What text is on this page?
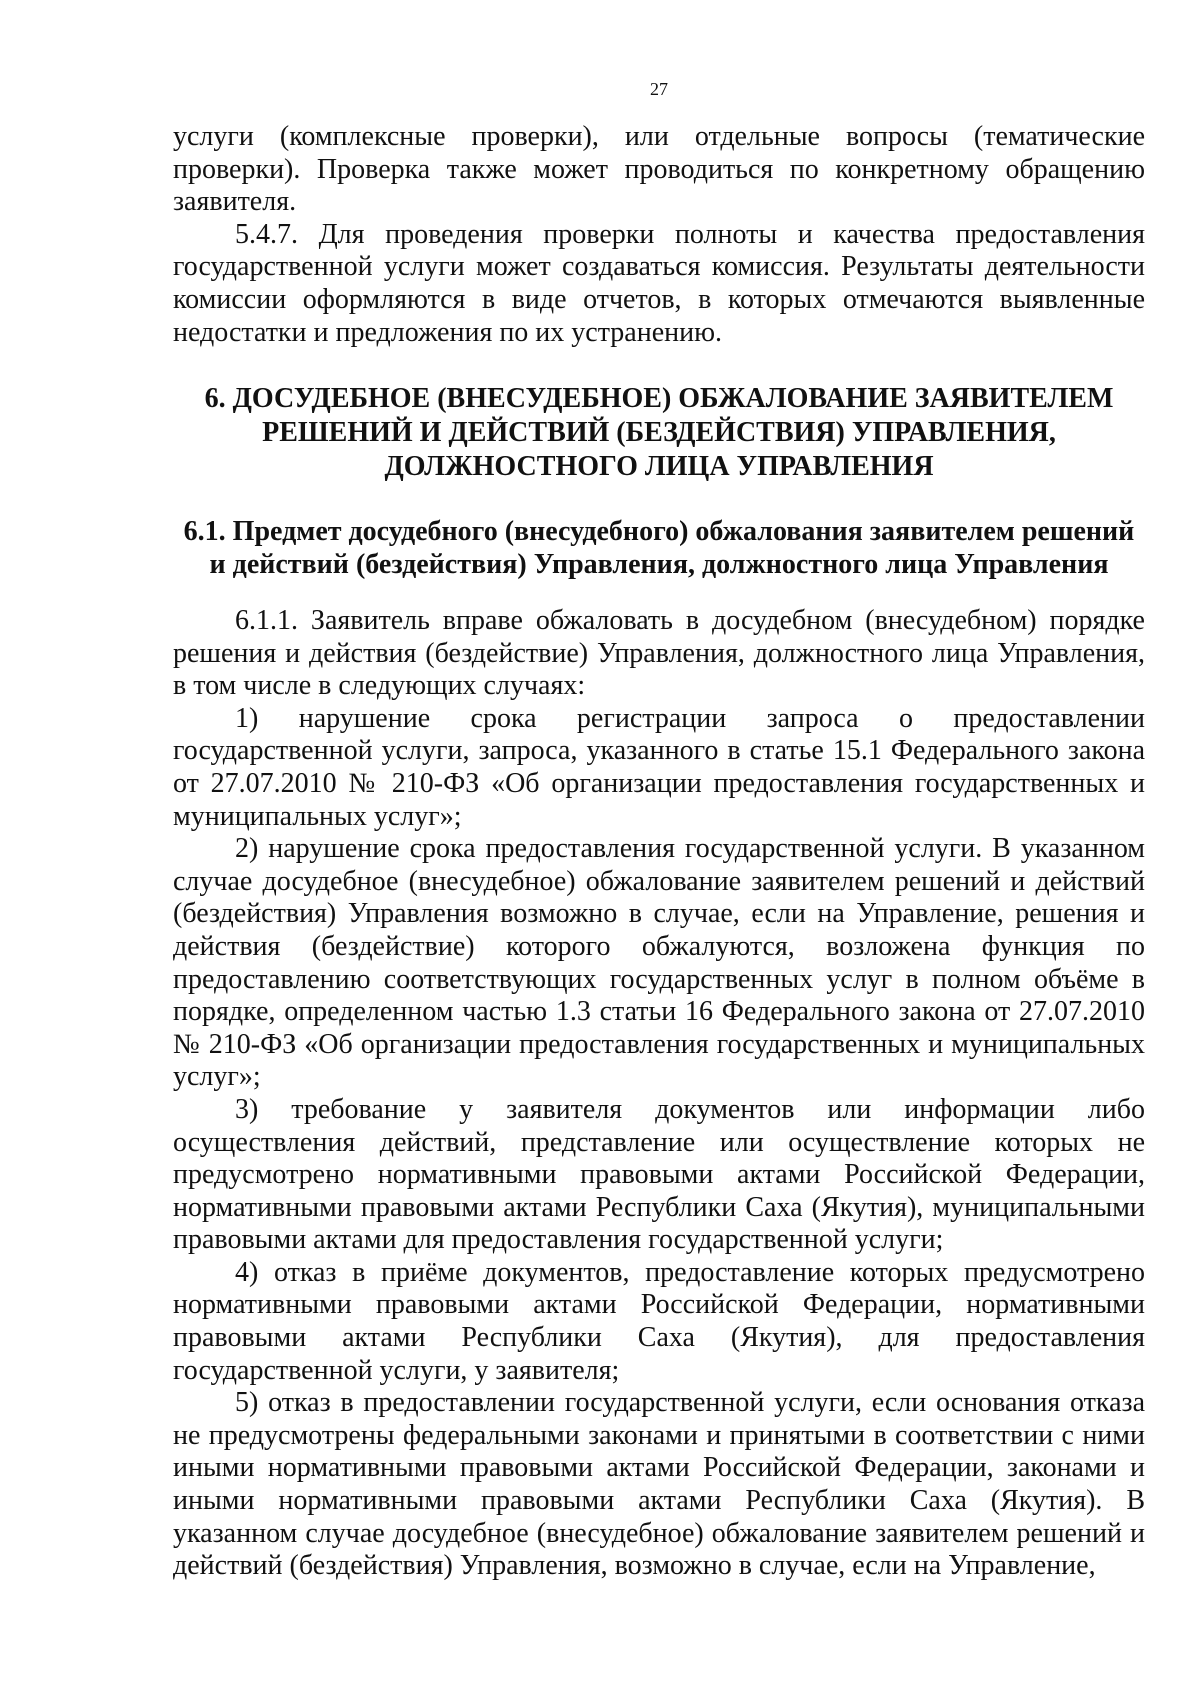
27

услуги (комплексные проверки), или отдельные вопросы (тематические проверки). Проверка также может проводиться по конкретному обращению заявителя.

5.4.7. Для проведения проверки полноты и качества предоставления государственной услуги может создаваться комиссия. Результаты деятельности комиссии оформляются в виде отчетов, в которых отмечаются выявленные недостатки и предложения по их устранению.

6. ДОСУДЕБНОЕ (ВНЕСУДЕБНОЕ) ОБЖАЛОВАНИЕ ЗАЯВИТЕЛЕМ

РЕШЕНИЙ И ДЕЙСТВИЙ (БЕЗДЕЙСТВИЯ) УПРАВЛЕНИЯ,

ДОЛЖНОСТНОГО ЛИЦА УПРАВЛЕНИЯ

6.1. Предмет досудебного (внесудебного) обжалования заявителем решений

и действий (бездействия) Управления, должностного лица Управления

6.1.1. Заявитель вправе обжаловать в досудебном (внесудебном) порядке решения и действия (бездействие) Управления, должностного лица Управления, в том числе в следующих случаях:

1) нарушение срока регистрации запроса о предоставлении государственной услуги, запроса, указанного в статье 15.1 Федерального закона от 27.07.2010 № 210-ФЗ «Об организации предоставления государственных и муниципальных услуг»;

2) нарушение срока предоставления государственной услуги. В указанном случае досудебное (внесудебное) обжалование заявителем решений и действий (бездействия) Управления возможно в случае, если на Управление, решения и действия (бездействие) которого обжалуются, возложена функция по предоставлению соответствующих государственных услуг в полном объёме в порядке, определенном частью 1.3 статьи 16 Федерального закона от 27.07.2010 № 210-ФЗ «Об организации предоставления государственных и муниципальных услуг»;

3) требование у заявителя документов или информации либо осуществления действий, представление или осуществление которых не предусмотрено нормативными правовыми актами Российской Федерации, нормативными правовыми актами Республики Саха (Якутия), муниципальными правовыми актами для предоставления государственной услуги;

4) отказ в приёме документов, предоставление которых предусмотрено нормативными правовыми актами Российской Федерации, нормативными правовыми актами Республики Саха (Якутия), для предоставления государственной услуги, у заявителя;

5) отказ в предоставлении государственной услуги, если основания отказа не предусмотрены федеральными законами и принятыми в соответствии с ними иными нормативными правовыми актами Российской Федерации, законами и иными нормативными правовыми актами Республики Саха (Якутия). В указанном случае досудебное (внесудебное) обжалование заявителем решений и действий (бездействия) Управления, возможно в случае, если на Управление,
